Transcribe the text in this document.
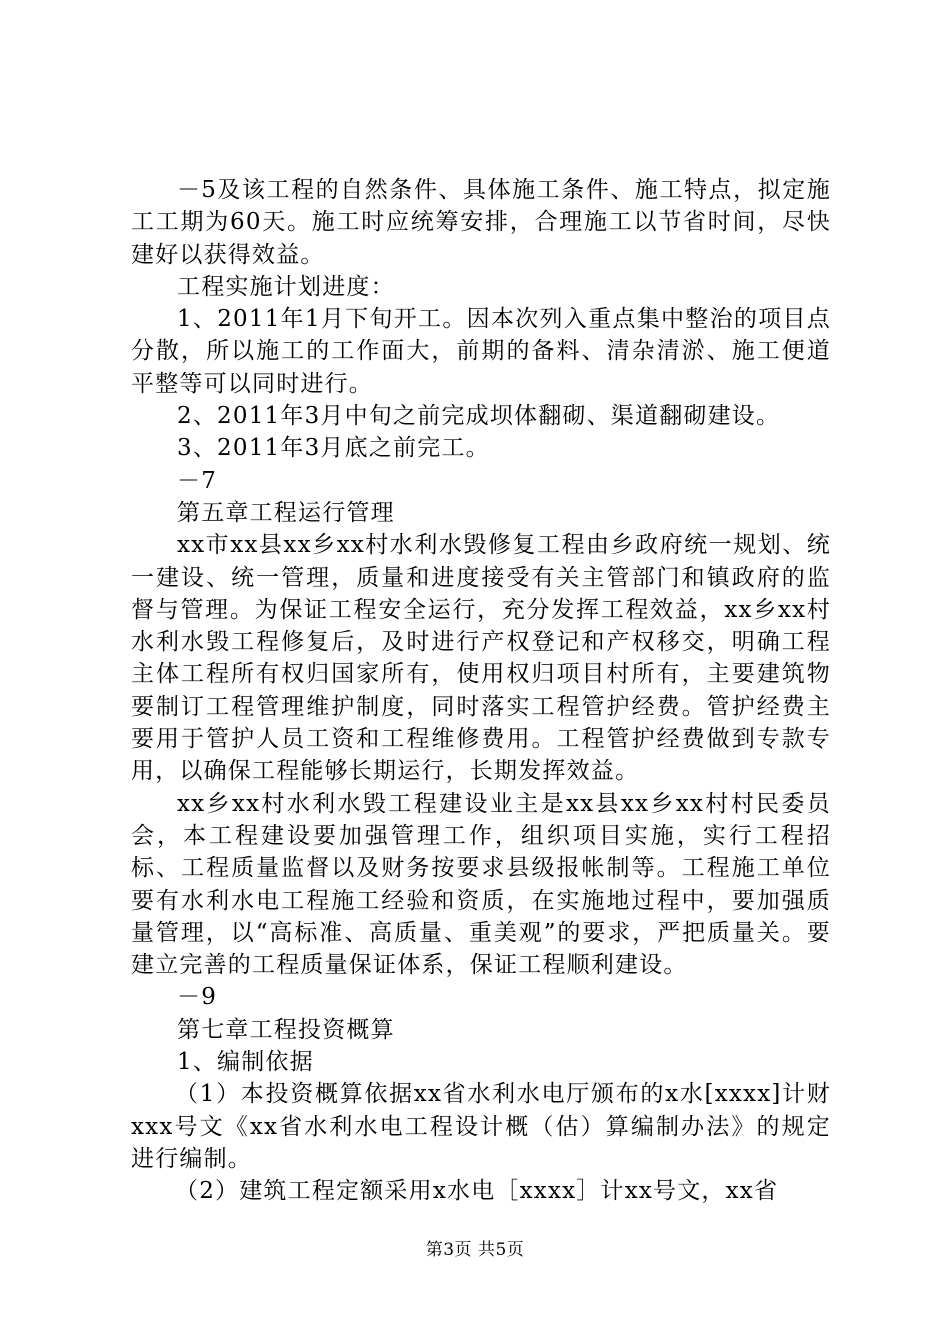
－5及该工程的自然条件、具体施工条件、施工特点，拟定施工工期为60天。施工时应统筹安排，合理施工以节省时间，尽快建好以获得效益。

工程实施计划进度：

1、2011年1月下旬开工。因本次列入重点集中整治的项目点分散，所以施工的工作面大，前期的备料、清杂清淤、施工便道平整等可以同时进行。

2、2011年3月中旬之前完成坝体翻砌、渠道翻砌建设。

3、2011年3月底之前完工。

－7

第五章工程运行管理

xx市xx县xx乡xx村水利水毁修复工程由乡政府统一规划、统一建设、统一管理，质量和进度接受有关主管部门和镇政府的监督与管理。为保证工程安全运行，充分发挥工程效益，xx乡xx村水利水毁工程修复后，及时进行产权登记和产权移交，明确工程主体工程所有权归国家所有，使用权归项目村所有，主要建筑物要制订工程管理维护制度，同时落实工程管护经费。管护经费主要用于管护人员工资和工程维修费用。工程管护经费做到专款专用，以确保工程能够长期运行，长期发挥效益。

xx乡xx村水利水毁工程建设业主是xx县xx乡xx村村民委员会，本工程建设要加强管理工作，组织项目实施，实行工程招标、工程质量监督以及财务按要求县级报帐制等。工程施工单位要有水利水电工程施工经验和资质，在实施地过程中，要加强质量管理，以“高标准、高质量、重美观”的要求，严把质量关。要建立完善的工程质量保证体系，保证工程顺利建设。

－9

第七章工程投资概算

1、编制依据

（1）本投资概算依据xx省水利水电厅颁布的x水[xxxx]计财xxx号文《xx省水利水电工程设计概（估）算编制办法》的规定进行编制。

（2）建筑工程定额采用x水电［xxxx］计xx号文，xx省

第3页 共5页
